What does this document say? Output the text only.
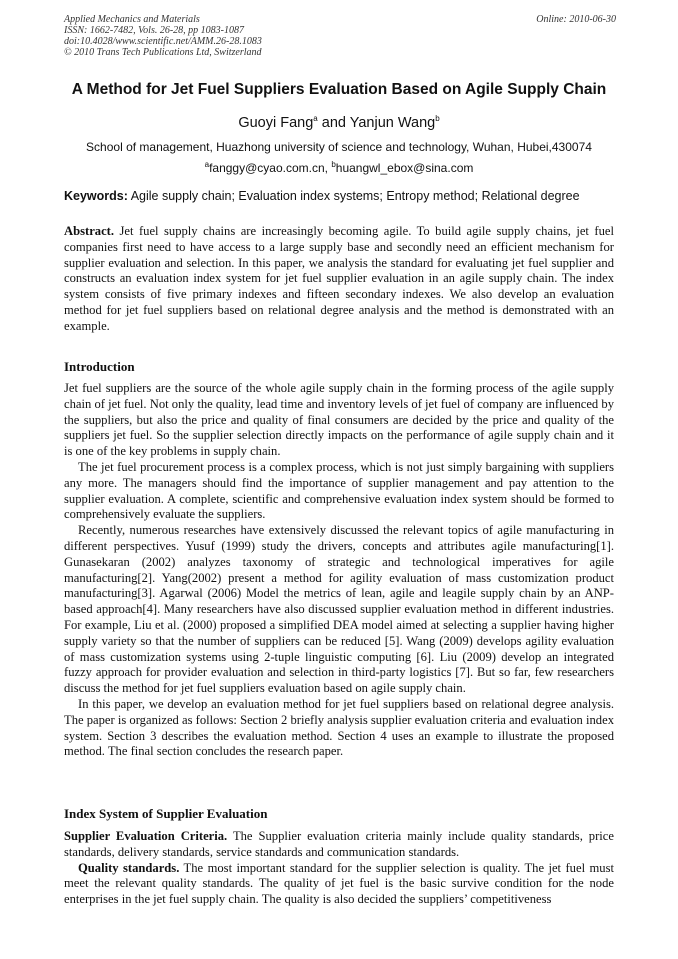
Applied Mechanics and Materials
ISSN: 1662-7482, Vols. 26-28, pp 1083-1087
doi:10.4028/www.scientific.net/AMM.26-28.1083
© 2010 Trans Tech Publications Ltd, Switzerland
Online: 2010-06-30
A Method for Jet Fuel Suppliers Evaluation Based on Agile Supply Chain
Guoyi Fang$^a$ and Yanjun Wang$^b$
School of management, Huazhong university of science and technology, Wuhan, Hubei,430074
$^a$fanggy@cyao.com.cn, $^b$huangwl_ebox@sina.com
Keywords: Agile supply chain; Evaluation index systems; Entropy method; Relational degree
Abstract. Jet fuel supply chains are increasingly becoming agile. To build agile supply chains, jet fuel companies first need to have access to a large supply base and secondly need an efficient mechanism for supplier evaluation and selection. In this paper, we analysis the standard for evaluating jet fuel supplier and constructs an evaluation index system for jet fuel supplier evaluation in an agile supply chain. The index system consists of five primary indexes and fifteen secondary indexes. We also develop an evaluation method for jet fuel suppliers based on relational degree analysis and the method is demonstrated with an example.
Introduction

Jet fuel suppliers are the source of the whole agile supply chain in the forming process of the agile supply chain of jet fuel. Not only the quality, lead time and inventory levels of jet fuel of company are influenced by the suppliers, but also the price and quality of final consumers are decided by the price and quality of the suppliers jet fuel. So the supplier selection directly impacts on the performance of agile supply chain and it is one of the key problems in supply chain.

The jet fuel procurement process is a complex process, which is not just simply bargaining with suppliers any more. The managers should find the importance of supplier management and pay attention to the supplier evaluation. A complete, scientific and comprehensive evaluation index system should be formed to comprehensively evaluate the suppliers.

Recently, numerous researches have extensively discussed the relevant topics of agile manufacturing in different perspectives. Yusuf (1999) study the drivers, concepts and attributes agile manufacturing[1]. Gunasekaran (2002) analyzes taxonomy of strategic and technological imperatives for agile manufacturing[2]. Yang(2002) present a method for agility evaluation of mass customization product manufacturing[3]. Agarwal (2006) Model the metrics of lean, agile and leagile supply chain by an ANP-based approach[4]. Many researchers have also discussed supplier evaluation method in different industries. For example, Liu et al. (2000) proposed a simplified DEA model aimed at selecting a supplier having higher supply variety so that the number of suppliers can be reduced [5]. Wang (2009) develops agility evaluation of mass customization systems using 2-tuple linguistic computing [6]. Liu (2009) develop an integrated fuzzy approach for provider evaluation and selection in third-party logistics [7]. But so far, few researchers discuss the method for jet fuel suppliers evaluation based on agile supply chain.

In this paper, we develop an evaluation method for jet fuel suppliers based on relational degree analysis. The paper is organized as follows: Section 2 briefly analysis supplier evaluation criteria and evaluation index system. Section 3 describes the evaluation method. Section 4 uses an example to illustrate the proposed method. The final section concludes the research paper.

Index System of Supplier Evaluation

Supplier Evaluation Criteria. The Supplier evaluation criteria mainly include quality standards, price standards, delivery standards, service standards and communication standards.

Quality standards. The most important standard for the supplier selection is quality. The jet fuel must meet the relevant quality standards. The quality of jet fuel is the basic survive condition for the node enterprises in the jet fuel supply chain. The quality is also decided the suppliers’ competitiveness
